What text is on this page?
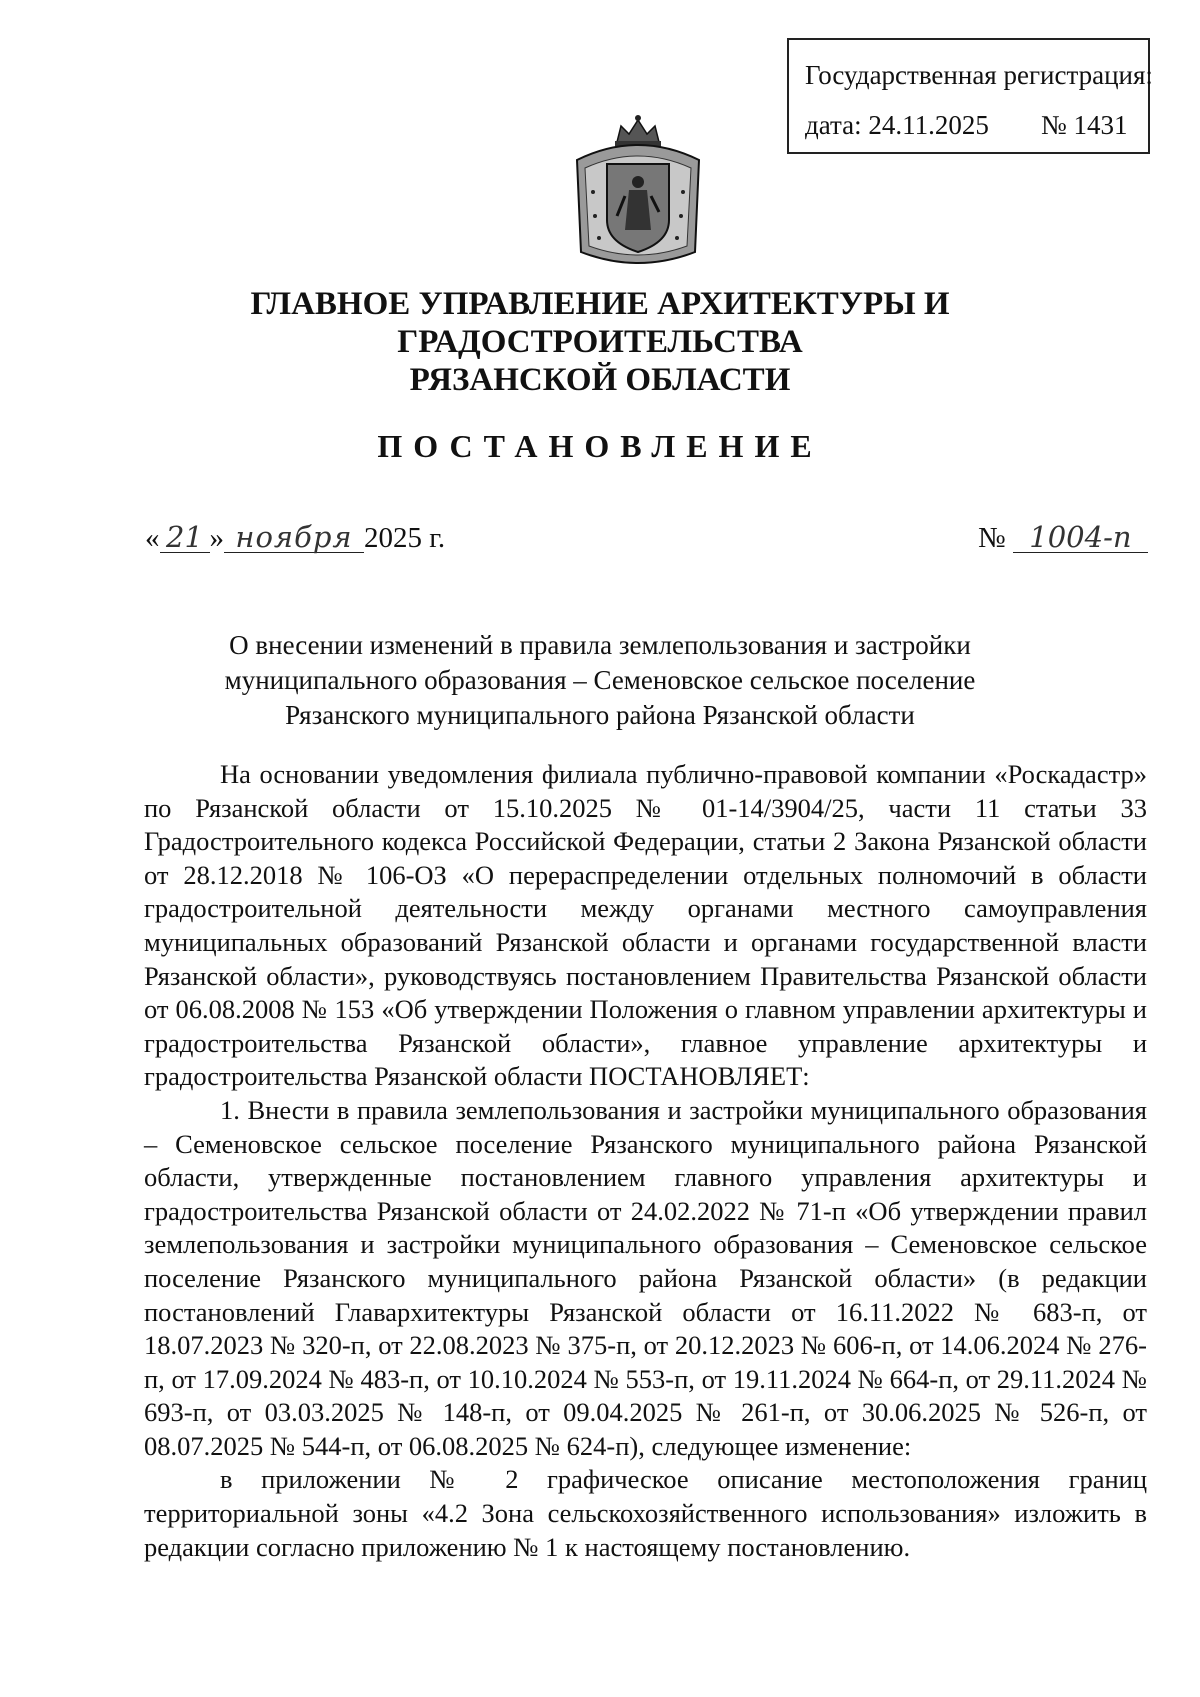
Государственная регистрация:
дата: 24.11.2025 № 1431
ГЛАВНОЕ УПРАВЛЕНИЕ АРХИТЕКТУРЫ И ГРАДОСТРОИТЕЛЬСТВА
РЯЗАНСКОЙ ОБЛАСТИ
ПОСТАНОВЛЕНИЕ
« 21 » ноября 2025 г.	№ 1004-п
О внесении изменений в правила землепользования и застройки
муниципального образования – Семеновское сельское поселение
Рязанского муниципального района Рязанской области

На основании уведомления филиала публично-правовой компании «Роскадастр» по Рязанской области от 15.10.2025 № 01-14/3904/25, части 11 статьи 33 Градостроительного кодекса Российской Федерации, статьи 2 Закона Рязанской области от 28.12.2018 № 106-ОЗ «О перераспределении отдельных полномочий в области градостроительной деятельности между органами местного самоуправления муниципальных образований Рязанской области и органами государственной власти Рязанской области», руководствуясь постановлением Правительства Рязанской области от 06.08.2008 № 153 «Об утверждении Положения о главном управлении архитектуры и градостроительства Рязанской области», главное управление архитектуры и градостроительства Рязанской области ПОСТАНОВЛЯЕТ:

1. Внести в правила землепользования и застройки муниципального образования – Семеновское сельское поселение Рязанского муниципального района Рязанской области, утвержденные постановлением главного управления архитектуры и градостроительства Рязанской области от 24.02.2022 № 71-п «Об утверждении правил землепользования и застройки муниципального образования – Семеновское сельское поселение Рязанского муниципального района Рязанской области» (в редакции постановлений Главархитектуры Рязанской области от 16.11.2022 № 683-п, от 18.07.2023 № 320-п, от 22.08.2023 № 375-п, от 20.12.2023 № 606-п, от 14.06.2024 № 276-п, от 17.09.2024 № 483-п, от 10.10.2024 № 553-п, от 19.11.2024 № 664-п, от 29.11.2024 № 693-п, от 03.03.2025 № 148-п, от 09.04.2025 № 261-п, от 30.06.2025 № 526-п, от 08.07.2025 № 544-п, от 06.08.2025 № 624-п), следующее изменение:

в приложении № 2 графическое описание местоположения границ территориальной зоны «4.2 Зона сельскохозяйственного использования» изложить в редакции согласно приложению № 1 к настоящему постановлению.
